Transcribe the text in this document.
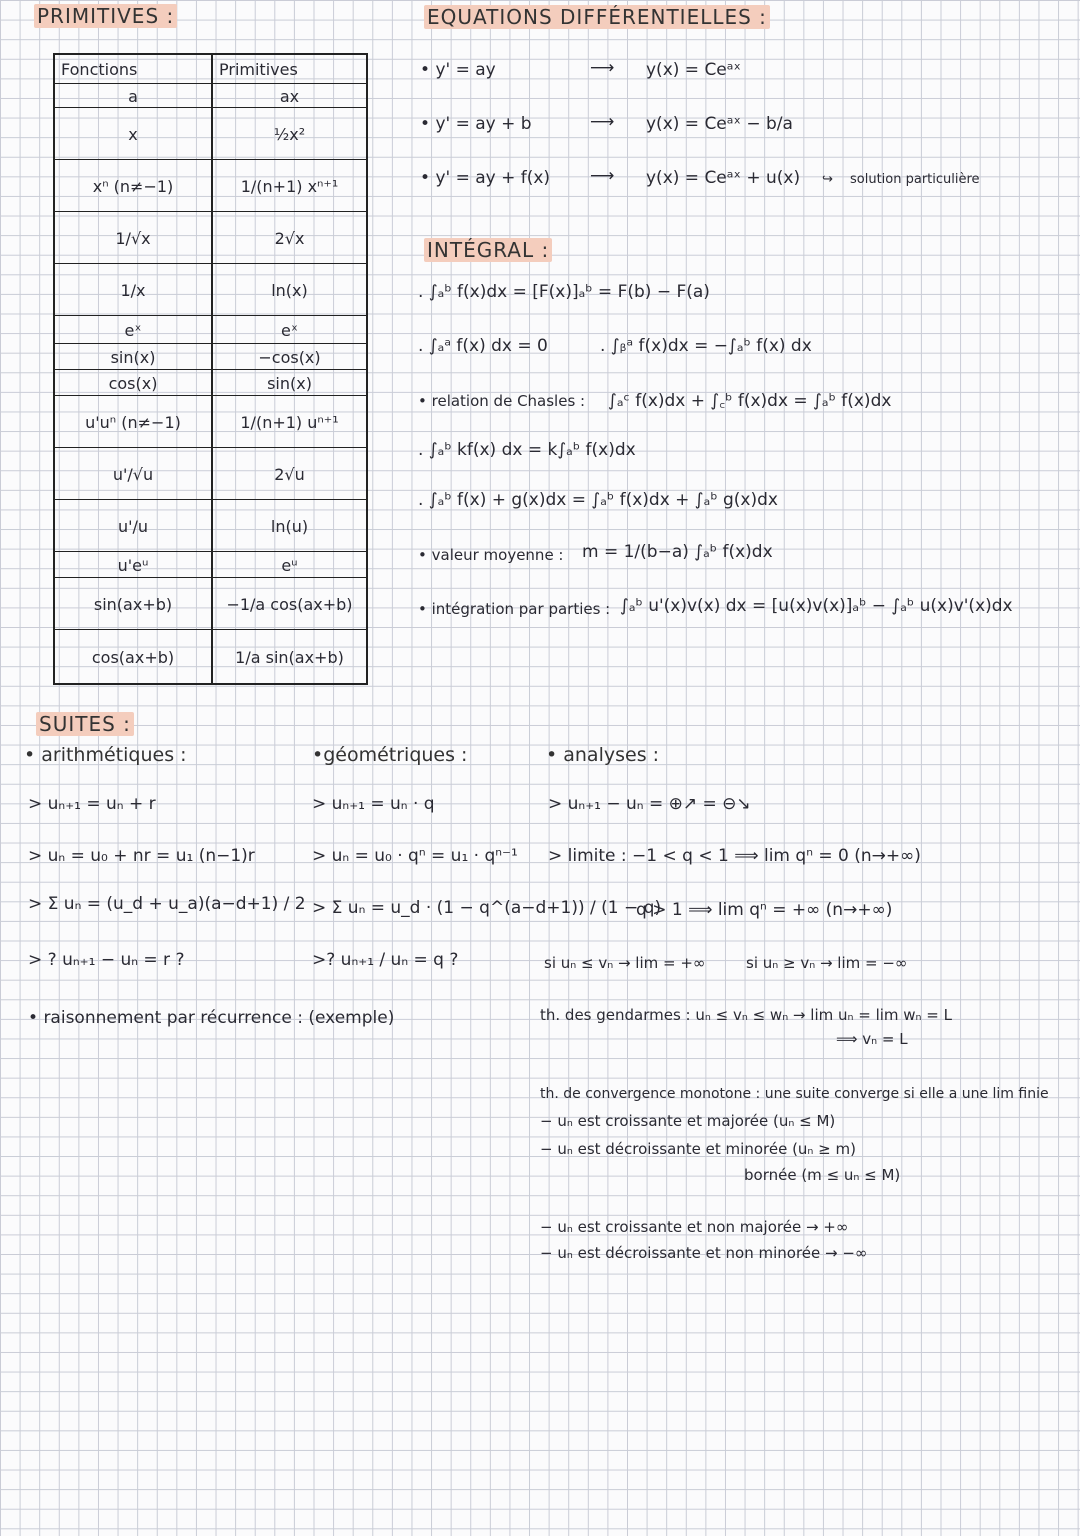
PRIMITIVES :
Fonctions	Primitives
a	ax
x	½x²
xⁿ (n≠−1)	1/(n+1) xⁿ⁺¹
1/√x	2√x
1/x	ln(x)
eˣ	eˣ
sin(x)	−cos(x)
cos(x)	sin(x)
u'uⁿ (n≠−1)	1/(n+1) uⁿ⁺¹
u'/√u	2√u
u'/u	ln(u)
u'eᵘ	eᵘ
sin(ax+b)	−1/a cos(ax+b)
cos(ax+b)	1/a sin(ax+b)
EQUATIONS DIFFÉRENTIELLES :
• y' = ay	⟶ y(x) = Ceᵃˣ
• y' = ay + b	⟶ y(x) = Ceᵃˣ − b/a
• y' = ay + f(x) ⟶ y(x) = Ceᵃˣ + u(x) ↪ solution particulière
INTÉGRAL :
. ∫ₐᵇ f(x)dx = [F(x)]ₐᵇ = F(b) − F(a)
. ∫ₐᵃ f(x) dx = 0	. ∫ᵦᵃ f(x)dx = −∫ₐᵇ f(x) dx
• relation de Chasles : ∫ₐᶜ f(x)dx + ∫꜀ᵇ f(x)dx = ∫ₐᵇ f(x)dx
. ∫ₐᵇ kf(x) dx = k∫ₐᵇ f(x)dx
. ∫ₐᵇ f(x) + g(x)dx = ∫ₐᵇ f(x)dx + ∫ₐᵇ g(x)dx
• valeur moyenne : m = 1/(b−a) ∫ₐᵇ f(x)dx
• intégration par parties : ∫ₐᵇ u'(x)v(x) dx = [u(x)v(x)]ₐᵇ − ∫ₐᵇ u(x)v'(x)dx
SUITES :
• arithmétiques :
> uₙ₊₁ = uₙ + r
> uₙ = u₀ + nr = u₁ (n−1)r
> Σ uₙ = (u_d + u_a)(a−d+1) / 2
> ? uₙ₊₁ − uₙ = r ?
•géométriques :
> uₙ₊₁ = uₙ · q
> uₙ = u₀ · qⁿ = u₁ · qⁿ⁻¹
> Σ uₙ = u_d · (1 − q^(a−d+1)) / (1 − q)
>? uₙ₊₁ / uₙ = q ?
• raisonnement par récurrence : (exemple)
• analyses :
> uₙ₊₁ − uₙ = ⊕↗ = ⊖↘
> limite : −1 < q < 1 ⟹ lim qⁿ = 0 (n→+∞)
q > 1 ⟹ lim qⁿ = +∞ (n→+∞)
si uₙ ≤ vₙ → lim = +∞	si uₙ ≥ vₙ → lim = −∞
th. des gendarmes : uₙ ≤ vₙ ≤ wₙ → lim uₙ = lim wₙ = L
⟹ vₙ = L
th. de convergence monotone : une suite converge si elle a une lim finie
− uₙ est croissante et majorée (uₙ ≤ M)
− uₙ est décroissante et minorée (uₙ ≥ m)
bornée (m ≤ uₙ ≤ M)
− uₙ est croissante et non majorée → +∞
− uₙ est décroissante et non minorée → −∞
